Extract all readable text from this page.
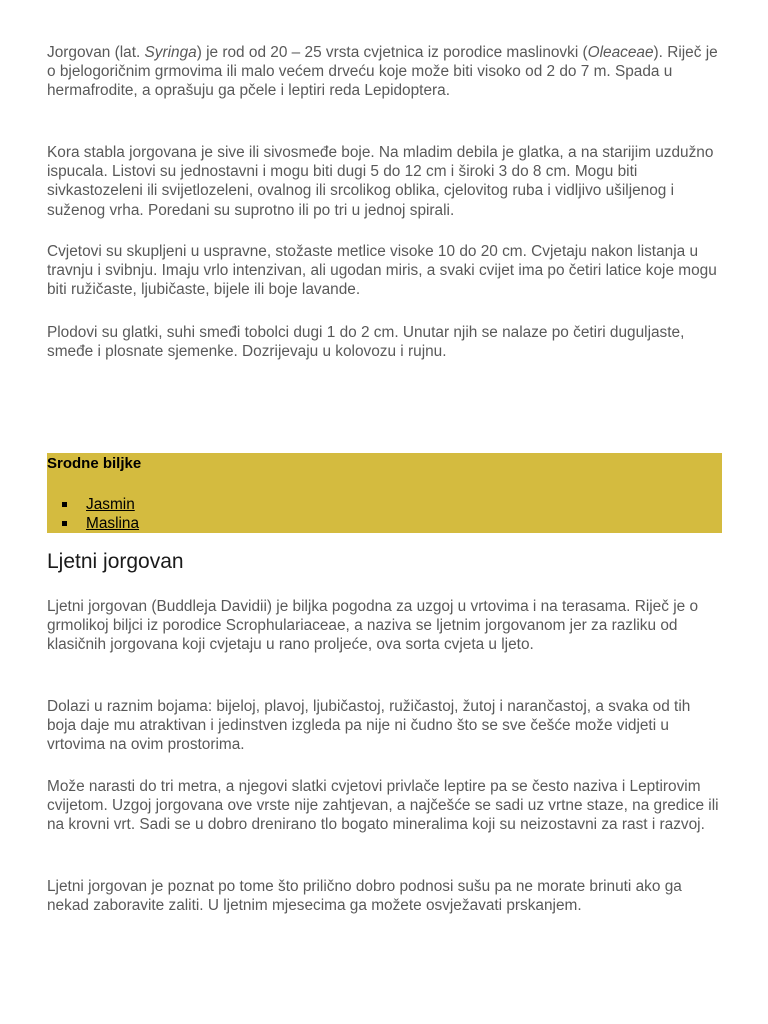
Jorgovan (lat. Syringa) je rod od 20 – 25 vrsta cvjetnica iz porodice maslinovki (Oleaceae). Riječ je o bjelogoričnim grmovima ili malo većem drveću koje može biti visoko od 2 do 7 m. Spada u hermafrodite, a oprašuju ga pčele i leptiri reda Lepidoptera.

Kora stabla jorgovana je sive ili sivosmeđe boje. Na mladim debila je glatka, a na starijim uzdužno ispucala. Listovi su jednostavni i mogu biti dugi 5 do 12 cm i široki 3 do 8 cm. Mogu biti sivkastozeleni ili svijetlozeleni, ovalnog ili srcolikog oblika, cjelovitog ruba i vidljivo ušiljenog i suženog vrha. Poredani su suprotno ili po tri u jednoj spirali.

Cvjetovi su skupljeni u uspravne, stožaste metlice visoke 10 do 20 cm. Cvjetaju nakon listanja u travnju i svibnju. Imaju vrlo intenzivan, ali ugodan miris, a svaki cvijet ima po četiri latice koje mogu biti ružičaste, ljubičaste, bijele ili boje lavande.

Plodovi su glatki, suhi smeđi tobolci dugi 1 do 2 cm. Unutar njih se nalaze po četiri duguljaste, smeđe i plosnate sjemenke. Dozrijevaju u kolovozu i rujnu.

Srodne biljke
Jasmin
Maslina
Ljetni jorgovan

Ljetni jorgovan (Buddleja Davidii) je biljka pogodna za uzgoj u vrtovima i na terasama. Riječ je o grmolikoj biljci iz porodice Scrophulariaceae, a naziva se ljetnim jorgovanom jer za razliku od klasičnih jorgovana koji cvjetaju u rano proljeće, ova sorta cvjeta u ljeto.

Dolazi u raznim bojama: bijeloj, plavoj, ljubičastoj, ružičastoj, žutoj i narančastoj, a svaka od tih boja daje mu atraktivan i jedinstven izgleda pa nije ni čudno što se sve češće može vidjeti u vrtovima na ovim prostorima.

Može narasti do tri metra, a njegovi slatki cvjetovi privlače leptire pa se često naziva i Leptirovim cvijetom. Uzgoj jorgovana ove vrste nije zahtjevan, a najčešće se sadi uz vrtne staze, na gredice ili na krovni vrt. Sadi se u dobro drenirano tlo bogato mineralima koji su neizostavni za rast i razvoj.

Ljetni jorgovan je poznat po tome što prilično dobro podnosi sušu pa ne morate brinuti ako ga nekad zaboravite zaliti. U ljetnim mjesecima ga možete osvježavati prskanjem.
